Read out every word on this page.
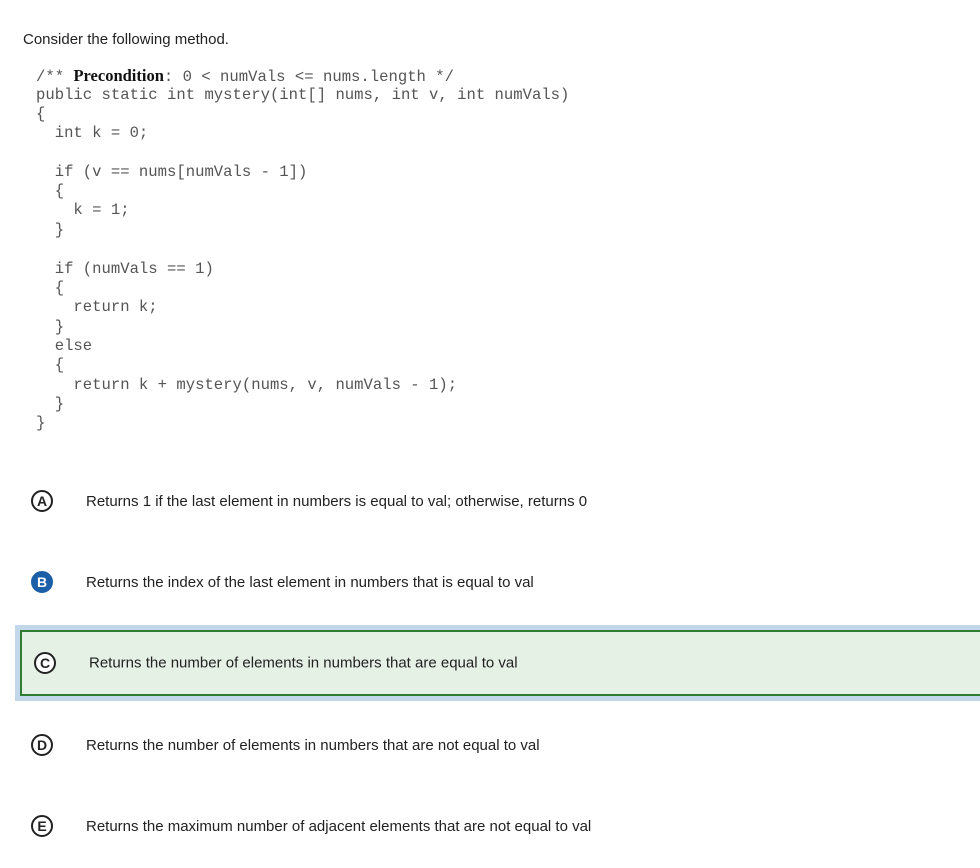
Consider the following method.
/** Precondition: 0 < numVals <= nums.length */
public static int mystery(int[] nums, int v, int numVals)
{
int k = 0;
if (v == nums[numVals - 1])
{
k = 1;
}
if (numVals == 1)
{
return k;
}
else
{
return k + mystery(nums, v, numVals - 1);
}
}
A	Returns 1 if the last element in numbers is equal to val; otherwise, returns 0
B	Returns the index of the last element in numbers that is equal to val
C	Returns the number of elements in numbers that are equal to val
D	Returns the number of elements in numbers that are not equal to val
E	Returns the maximum number of adjacent elements that are not equal to val
